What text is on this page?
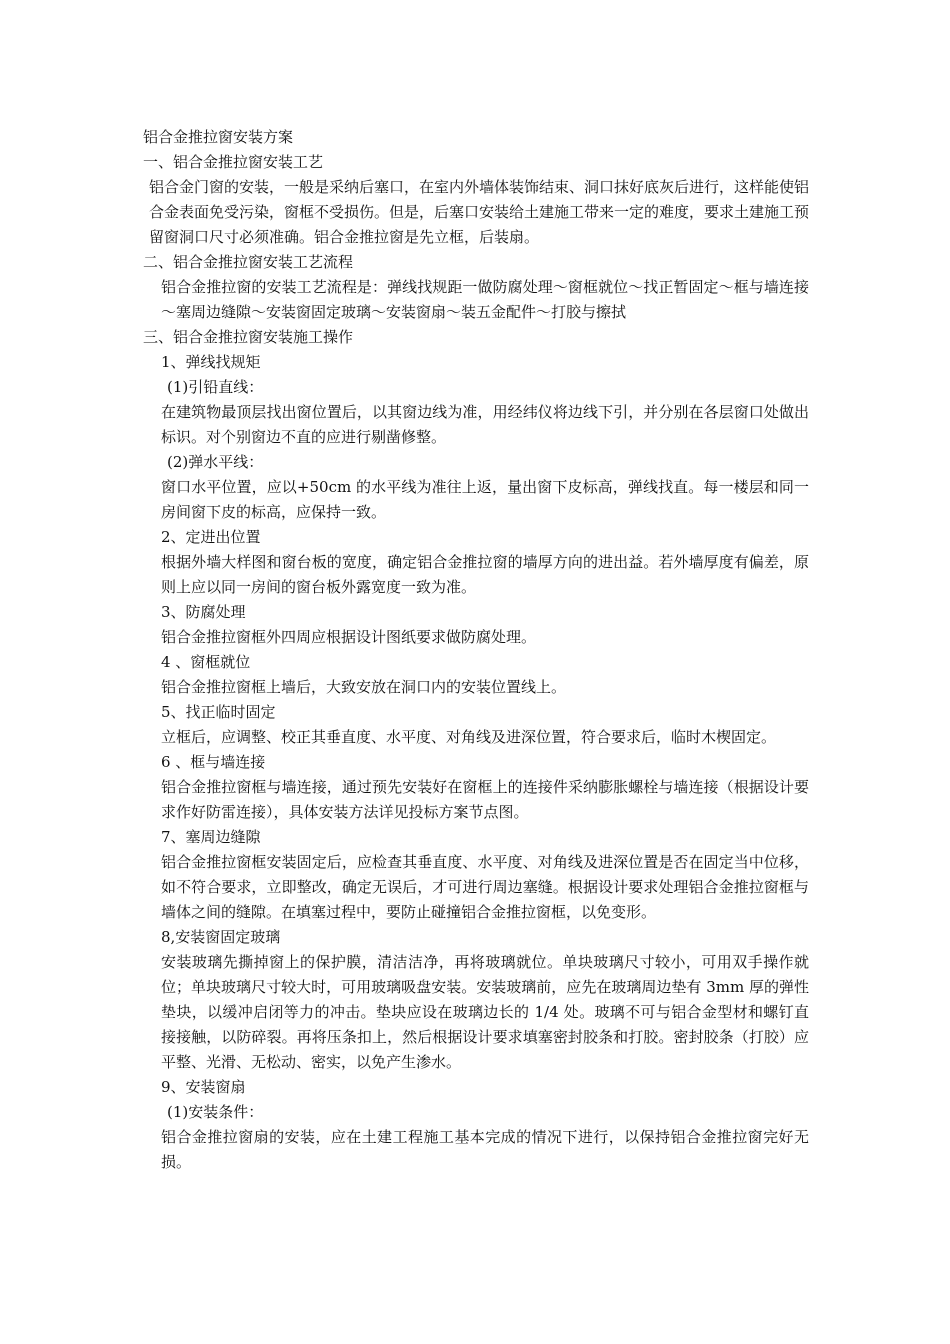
铝合金推拉窗安装方案

一、铝合金推拉窗安装工艺

铝合金门窗的安装，一般是采纳后塞口，在室内外墙体装饰结束、洞口抹好底灰后进行，这样能使铝合金表面免受污染，窗框不受损伤。但是，后塞口安装给土建施工带来一定的难度，要求土建施工预留窗洞口尺寸必须准确。铝合金推拉窗是先立框，后装扇。

二、铝合金推拉窗安装工艺流程

铝合金推拉窗的安装工艺流程是：弹线找规距一做防腐处理～窗框就位～找正暂固定～框与墙连接～塞周边缝隙～安装窗固定玻璃～安装窗扇～装五金配件～打胶与擦拭

三、铝合金推拉窗安装施工操作

1、弹线找规矩

(1)引铅直线：

在建筑物最顶层找出窗位置后，以其窗边线为准，用经纬仪将边线下引，并分别在各层窗口处做出标识。对个别窗边不直的应进行剔凿修整。

(2)弹水平线：

窗口水平位置，应以+50cm 的水平线为准往上返，量出窗下皮标高，弹线找直。每一楼层和同一房间窗下皮的标高，应保持一致。

2、定进出位置

根据外墙大样图和窗台板的宽度，确定铝合金推拉窗的墙厚方向的进出益。若外墙厚度有偏差，原则上应以同一房间的窗台板外露宽度一致为准。

3、防腐处理

铝合金推拉窗框外四周应根据设计图纸要求做防腐处理。

4 、窗框就位

铝合金推拉窗框上墙后，大致安放在洞口内的安装位置线上。

5、找正临时固定

立框后，应调整、校正其垂直度、水平度、对角线及进深位置，符合要求后，临时木楔固定。

6 、框与墙连接

铝合金推拉窗框与墙连接，通过预先安装好在窗框上的连接件采纳膨胀螺栓与墙连接（根据设计要求作好防雷连接），具体安装方法详见投标方案节点图。

7、塞周边缝隙

铝合金推拉窗框安装固定后，应检查其垂直度、水平度、对角线及进深位置是否在固定当中位移，如不符合要求，立即整改，确定无误后，才可进行周边塞缝。根据设计要求处理铝合金推拉窗框与墙体之间的缝隙。在填塞过程中，要防止碰撞铝合金推拉窗框，以免变形。

8,安装窗固定玻璃

安装玻璃先撕掉窗上的保护膜，清洁洁净，再将玻璃就位。单块玻璃尺寸较小，可用双手操作就位；单块玻璃尺寸较大时，可用玻璃吸盘安装。安装玻璃前，应先在玻璃周边垫有 3mm 厚的弹性垫块，以缓冲启闭等力的冲击。垫块应设在玻璃边长的 1/4 处。玻璃不可与铝合金型材和螺钉直接接触，以防碎裂。再将压条扣上，然后根据设计要求填塞密封胶条和打胶。密封胶条（打胶）应平整、光滑、无松动、密实，以免产生渗水。

9、安装窗扇

(1)安装条件：

铝合金推拉窗扇的安装，应在土建工程施工基本完成的情况下进行，以保持铝合金推拉窗完好无损。
